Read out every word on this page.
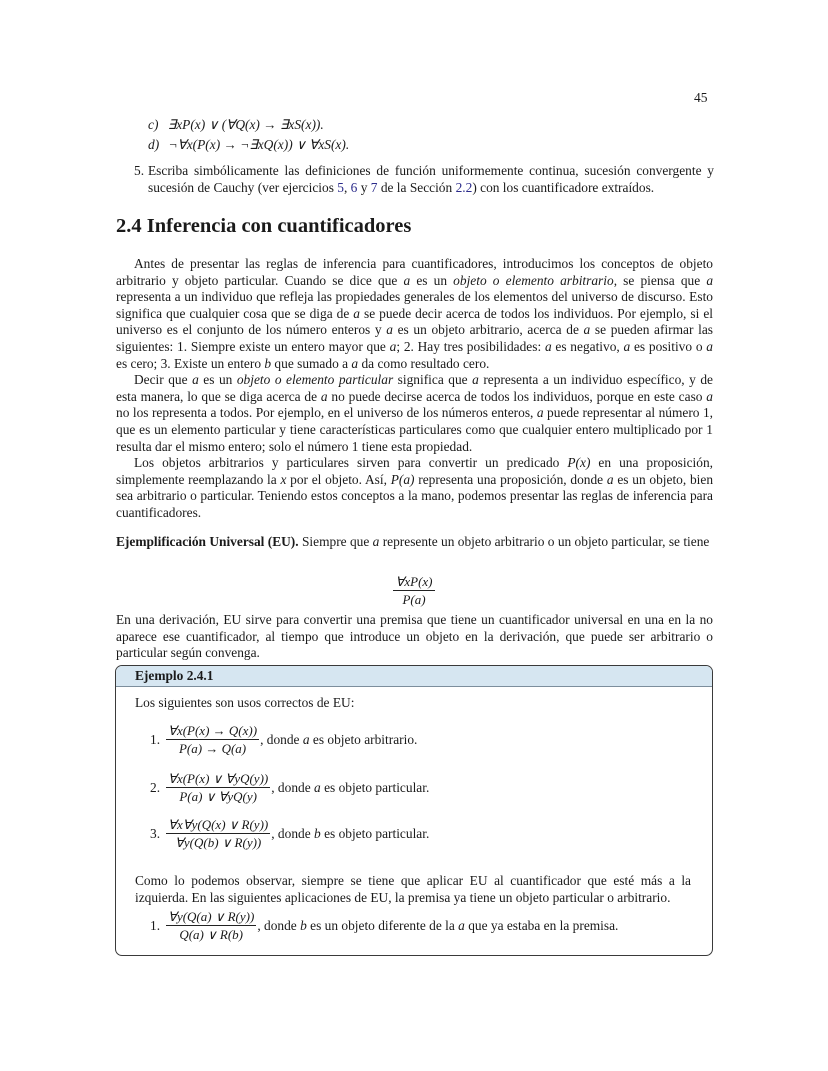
45
c) ∃xP(x) ∨ (∀Q(x) → ∃xS(x)).
d) ¬∀x(P(x) → ¬∃xQ(x)) ∨ ∀xS(x).
5. Escriba simbólicamente las definiciones de función uniformemente continua, sucesión convergente y sucesión de Cauchy (ver ejercicios 5, 6 y 7 de la Sección 2.2) con los cuantificadore extraídos.
2.4 Inferencia con cuantificadores

Antes de presentar las reglas de inferencia para cuantificadores, introducimos los conceptos de objeto arbitrario y objeto particular. Cuando se dice que a es un objeto o elemento arbitrario, se piensa que a representa a un individuo que refleja las propiedades generales de los elementos del universo de discurso. Esto significa que cualquier cosa que se diga de a se puede decir acerca de todos los individuos. Por ejemplo, si el universo es el conjunto de los número enteros y a es un objeto arbitrario, acerca de a se pueden afirmar las siguientes: 1. Siempre existe un entero mayor que a; 2. Hay tres posibilidades: a es negativo, a es positivo o a es cero; 3. Existe un entero b que sumado a a da como resultado cero.

Decir que a es un objeto o elemento particular significa que a representa a un individuo específico, y de esta manera, lo que se diga acerca de a no puede decirse acerca de todos los individuos, porque en este caso a no los representa a todos. Por ejemplo, en el universo de los números enteros, a puede representar al número 1, que es un elemento particular y tiene características particulares como que cualquier entero multiplicado por 1 resulta dar el mismo entero; solo el número 1 tiene esta propiedad.

Los objetos arbitrarios y particulares sirven para convertir un predicado P(x) en una proposición, simplemente reemplazando la x por el objeto. Así, P(a) representa una proposición, donde a es un objeto, bien sea arbitrario o particular. Teniendo estos conceptos a la mano, podemos presentar las reglas de inferencia para cuantificadores.

Ejemplificación Universal (EU). Siempre que a represente un objeto arbitrario o un objeto particular, se tiene

$\frac{\forall xP(x)}{P(a)}$

En una derivación, EU sirve para convertir una premisa que tiene un cuantificador universal en una en la no aparece ese cuantificador, al tiempo que introduce un objeto en la derivación, que puede ser arbitrario o particular según convenga.

Ejemplo 2.4.1
Los siguientes son usos correctos de EU:
1. $\frac{\forall x(P(x) \to Q(x))}{P(a) \to Q(a)}$ , donde a es objeto arbitrario.
2. $\frac{\forall x(P(x) \vee \forall yQ(y))}{P(a) \vee \forall yQ(y)}$ , donde a es objeto particular.
3. $\frac{\forall x\forall y(Q(x) \vee R(y))}{\forall y(Q(b) \vee R(y))}$ , donde b es objeto particular.
Como lo podemos observar, siempre se tiene que aplicar EU al cuantificador que esté más a la izquierda. En las siguientes aplicaciones de EU, la premisa ya tiene un objeto particular o arbitrario.
1. $\frac{\forall y(Q(a) \vee R(y))}{Q(a) \vee R(b)}$ , donde b es un objeto diferente de la a que ya estaba en la premisa.
